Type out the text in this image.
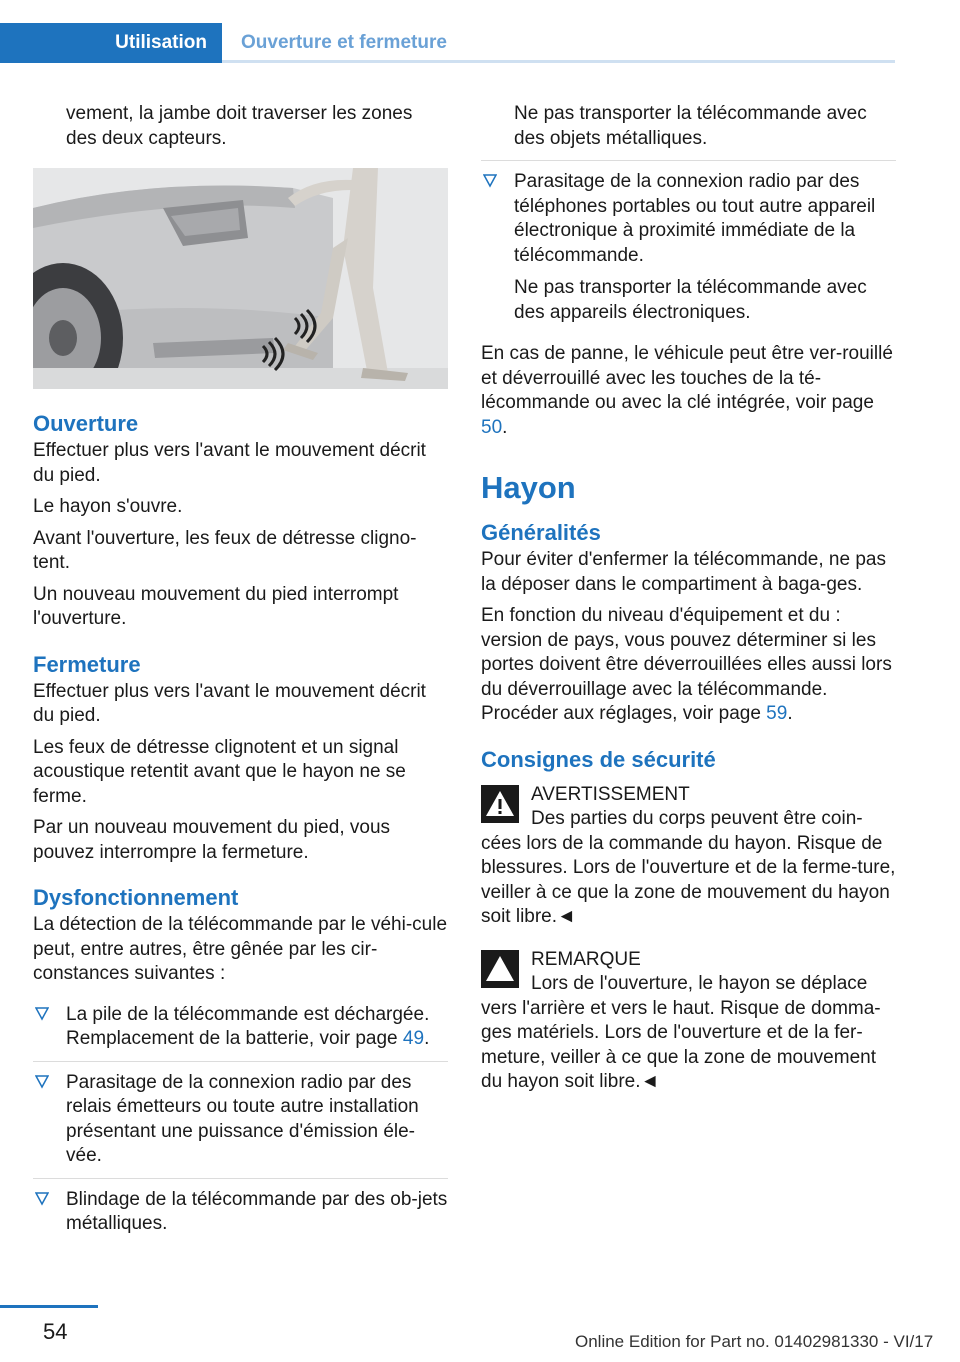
Utilisation	Ouverture et fermeture

vement, la jambe doit traverser les zones des deux capteurs.

Ouverture

Effectuer plus vers l'avant le mouvement décrit du pied.

Le hayon s'ouvre.

Avant l'ouverture, les feux de détresse cligno‐tent.

Un nouveau mouvement du pied interrompt l'ouverture.

Fermeture

Effectuer plus vers l'avant le mouvement décrit du pied.

Les feux de détresse clignotent et un signal acoustique retentit avant que le hayon ne se ferme.

Par un nouveau mouvement du pied, vous pouvez interrompre la fermeture.

Dysfonctionnement

La détection de la télécommande par le véhi‐cule peut, entre autres, être gênée par les cir‐constances suivantes :

La pile de la télécommande est déchargée. Remplacement de la batterie, voir page 49.
Parasitage de la connexion radio par des relais émetteurs ou toute autre installation présentant une puissance d'émission éle‐vée.
Blindage de la télécommande par des ob‐jets métalliques.

Ne pas transporter la télécommande avec des objets métalliques.

Parasitage de la connexion radio par des téléphones portables ou tout autre appareil électronique à proximité immédiate de la télécommande.
Ne pas transporter la télécommande avec des appareils électroniques.

En cas de panne, le véhicule peut être ver‐rouillé et déverrouillé avec les touches de la té‐lécommande ou avec la clé intégrée, voir page 50.

Hayon
Généralités

Pour éviter d'enfermer la télécommande, ne pas la déposer dans le compartiment à baga‐ges.

En fonction du niveau d'équipement et du : version de pays, vous pouvez déterminer si les portes doivent être déverrouillées elles aussi lors du déverrouillage avec la télécommande. Procéder aux réglages, voir page 59.

Consignes de sécurité
AVERTISSEMENT
Des parties du corps peuvent être coin‐cées lors de la commande du hayon. Risque de blessures. Lors de l'ouverture et de la ferme‐ture, veiller à ce que la zone de mouvement du hayon soit libre.◄
REMARQUE
Lors de l'ouverture, le hayon se déplace vers l'arrière et vers le haut. Risque de domma‐ges matériels. Lors de l'ouverture et de la fer‐meture, veiller à ce que la zone de mouvement du hayon soit libre.◄
54	Online Edition for Part no. 01402981330 - VI/17
